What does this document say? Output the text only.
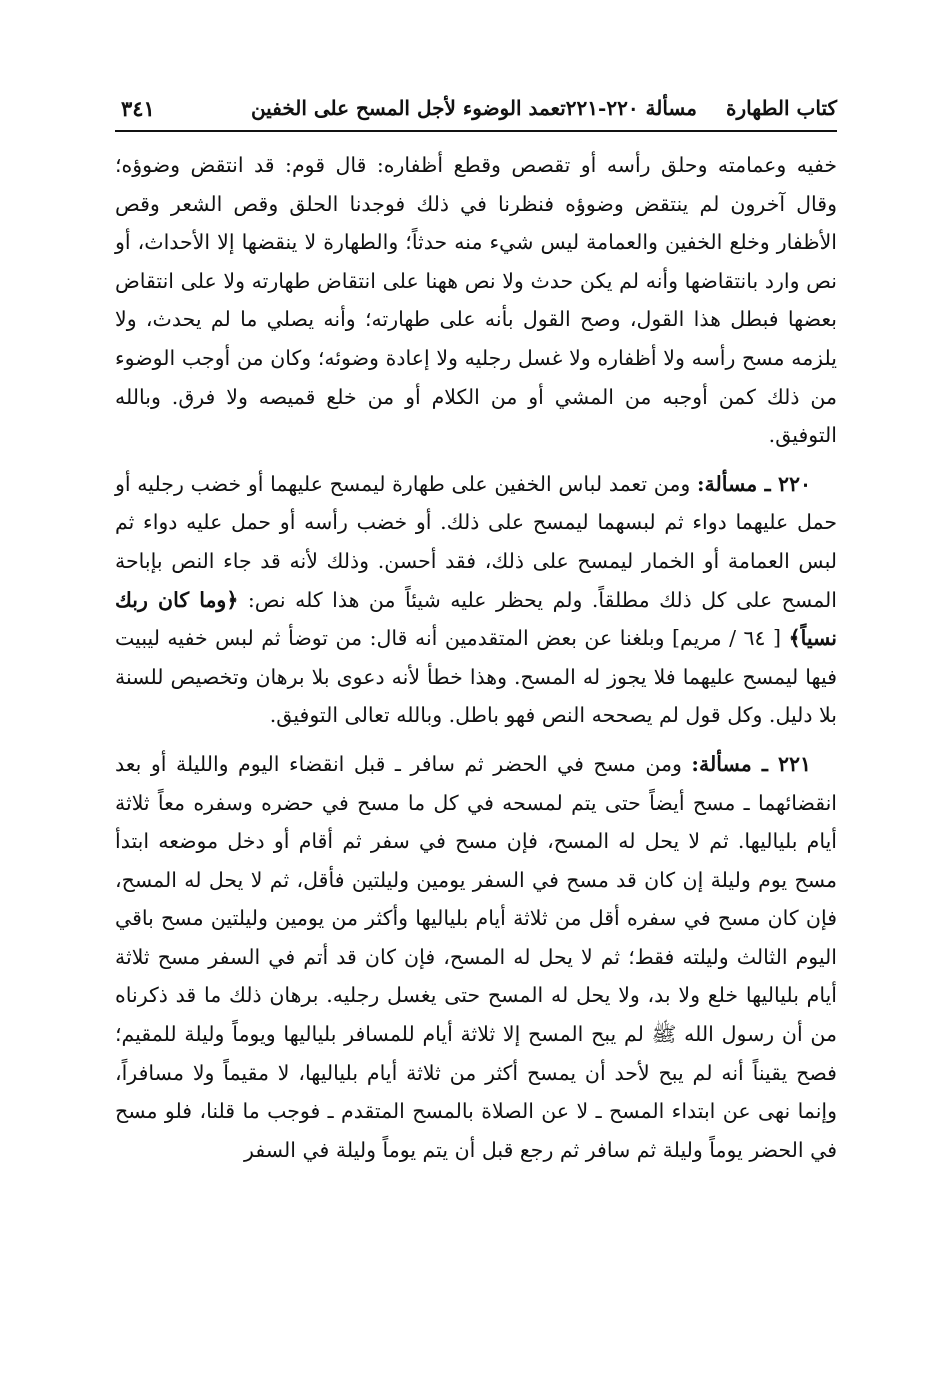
كتاب الطهارة
مسألة ٢٢٠-٢٢١تعمد الوضوء لأجل المسح على الخفين
٣٤١

خفيه وعمامته وحلق رأسه أو تقصص وقطع أظفاره: قال قوم: قد انتقض وضوؤه؛ وقال آخرون لم ينتقض وضوؤه فنظرنا في ذلك فوجدنا الحلق وقص الشعر وقص الأظفار وخلع الخفين والعمامة ليس شيء منه حدثاً؛ والطهارة لا ينقضها إلا الأحداث، أو نص وارد بانتقاضها وأنه لم يكن حدث ولا نص ههنا على انتقاض طهارته ولا على انتقاض بعضها فبطل هذا القول، وصح القول بأنه على طهارته؛ وأنه يصلي ما لم يحدث، ولا يلزمه مسح رأسه ولا أظفاره ولا غسل رجليه ولا إعادة وضوئه؛ وكان من أوجب الوضوء من ذلك كمن أوجبه من المشي أو من الكلام أو من خلع قميصه ولا فرق. وبالله التوفيق.

٢٢٠ ـ مسألة: ومن تعمد لباس الخفين على طهارة ليمسح عليهما أو خضب رجليه أو حمل عليهما دواء ثم لبسهما ليمسح على ذلك. أو خضب رأسه أو حمل عليه دواء ثم لبس العمامة أو الخمار ليمسح على ذلك، فقد أحسن. وذلك لأنه قد جاء النص بإباحة المسح على كل ذلك مطلقاً. ولم يحظر عليه شيئاً من هذا كله نص: ﴿وما كان ربك نسياً﴾ [ ٦٤ / مريم] وبلغنا عن بعض المتقدمين أنه قال: من توضأ ثم لبس خفيه ليبيت فيها ليمسح عليهما فلا يجوز له المسح. وهذا خطأ لأنه دعوى بلا برهان وتخصيص للسنة بلا دليل. وكل قول لم يصححه النص فهو باطل. وبالله تعالى التوفيق.

٢٢١ ـ مسألة: ومن مسح في الحضر ثم سافر ـ قبل انقضاء اليوم والليلة أو بعد انقضائهما ـ مسح أيضاً حتى يتم لمسحه في كل ما مسح في حضره وسفره معاً ثلاثة أيام بلياليها. ثم لا يحل له المسح، فإن مسح في سفر ثم أقام أو دخل موضعه ابتدأ مسح يوم وليلة إن كان قد مسح في السفر يومين وليلتين فأقل، ثم لا يحل له المسح، فإن كان مسح في سفره أقل من ثلاثة أيام بلياليها وأكثر من يومين وليلتين مسح باقي اليوم الثالث وليلته فقط؛ ثم لا يحل له المسح، فإن كان قد أتم في السفر مسح ثلاثة أيام بلياليها خلع ولا بد، ولا يحل له المسح حتى يغسل رجليه. برهان ذلك ما قد ذكرناه من أن رسول الله ﷺ لم يبح المسح إلا ثلاثة أيام للمسافر بلياليها ويوماً وليلة للمقيم؛ فصح يقيناً أنه لم يبح لأحد أن يمسح أكثر من ثلاثة أيام بلياليها، لا مقيماً ولا مسافراً، وإنما نهى عن ابتداء المسح ـ لا عن الصلاة بالمسح المتقدم ـ فوجب ما قلنا، فلو مسح في الحضر يوماً وليلة ثم سافر ثم رجع قبل أن يتم يوماً وليلة في السفر
